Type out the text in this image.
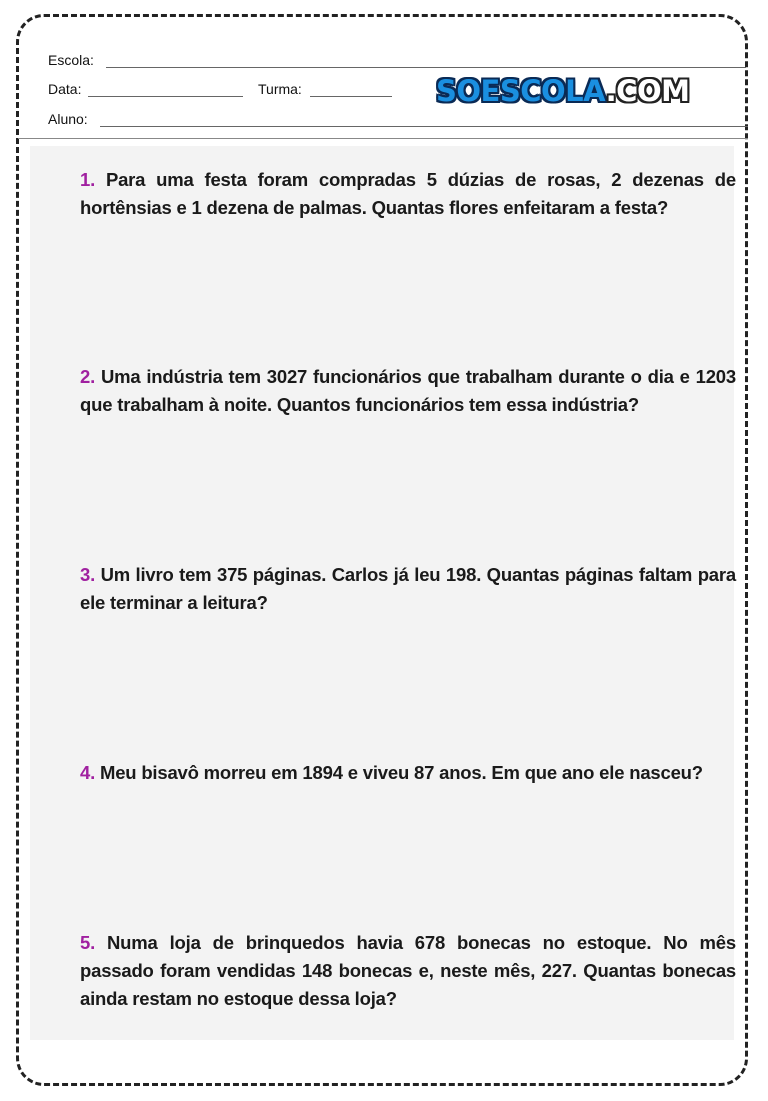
Escola:
Data:	Turma:
Aluno:
SOESCOLA.COM
1. Para uma festa foram compradas 5 dúzias de rosas, 2 dezenas de hortênsias e 1 dezena de palmas. Quantas flores enfeitaram a festa?
2. Uma indústria tem 3027 funcionários que trabalham durante o dia e 1203 que trabalham à noite. Quantos funcionários tem essa indústria?
3. Um livro tem 375 páginas. Carlos já leu 198. Quantas páginas faltam para ele terminar a leitura?
4. Meu bisavô morreu em 1894 e viveu 87 anos. Em que ano ele nasceu?
5. Numa loja de brinquedos havia 678 bonecas no estoque. No mês passado foram vendidas 148 bonecas e, neste mês, 227. Quantas bonecas ainda restam no estoque dessa loja?
